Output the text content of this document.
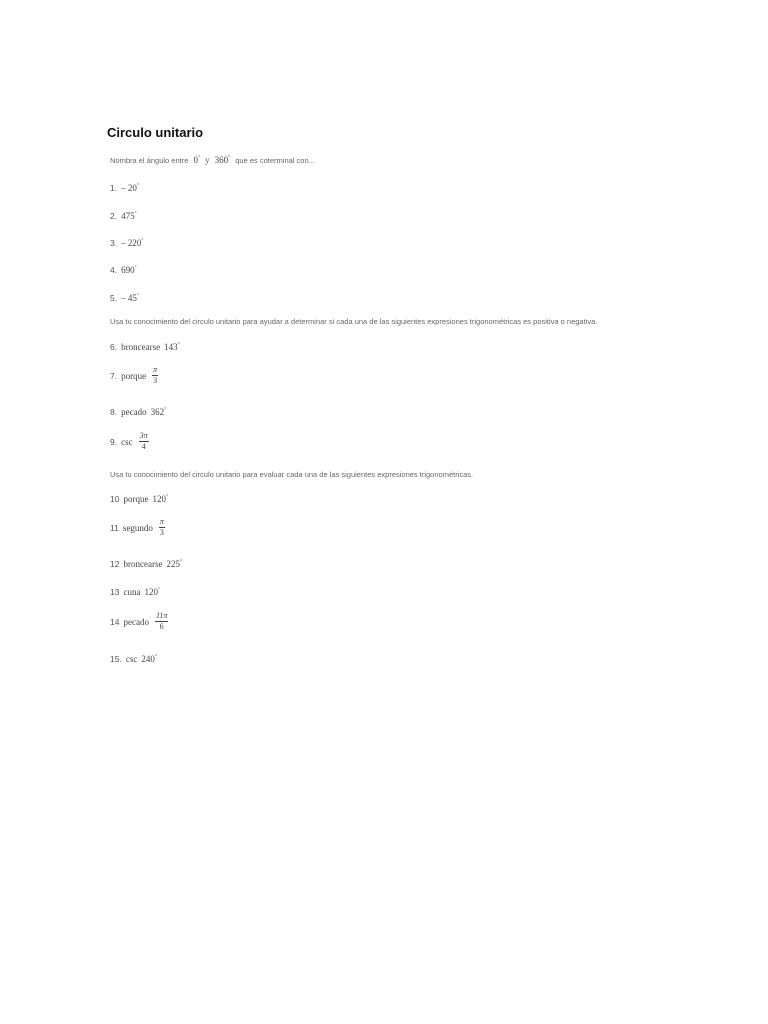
Circulo unitario
Nombra el ángulo entre 0° y 360° que es coterminal con...
1. – 20°
2. 475°
3. – 220°
4. 690°
5. – 45°
Usa tu conocimiento del circulo unitario para ayudar a determinar si cada una de las siguientes expresiones trigonométricas es positiva o negativa.
6. broncearse 143°
7. porque $\frac{\pi}{3}$
8. pecado 362°
9. $\csc \frac{3\pi}{4}$
Usa tu conocimiento del circulo unitario para evaluar cada una de las siguientes expresiones trigonométricas.
10 porque 120°
11 segundo $\frac{\pi}{3}$
12 broncearse 225°
13 cuna 120°
14 pecado $\frac{11\pi}{6}$
15. csc 240°
